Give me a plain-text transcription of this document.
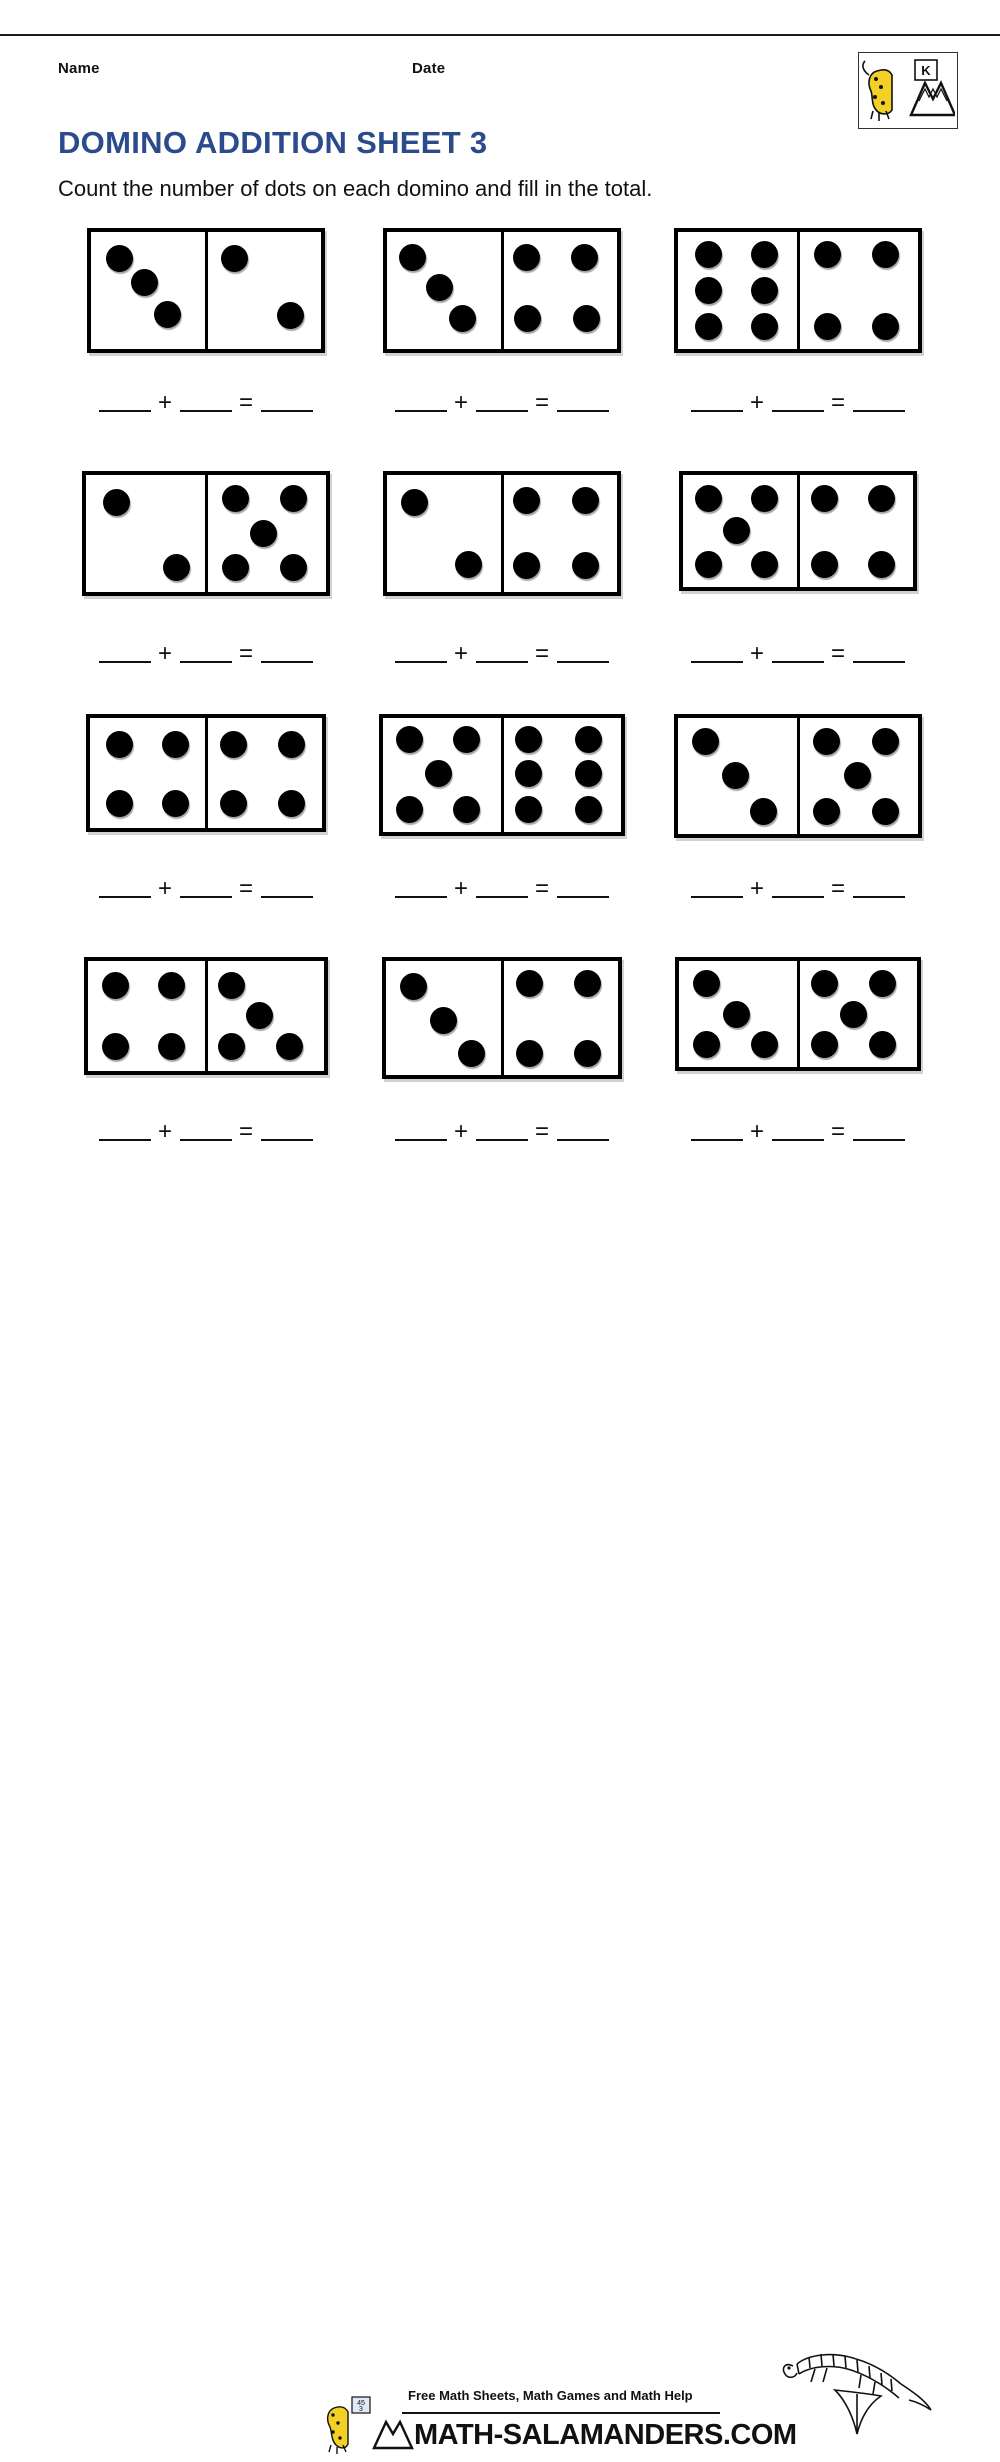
Name	Date	K
DOMINO ADDITION SHEET 3
Count the number of dots on each domino and fill in the total.
+	=	+	=	+	=
+	=	+	=	+	=
+	=	+	=	+	=
+	=	+	=	+	=
45
3
Free Math Sheets, Math Games and Math Help
MATH-SALAMANDERS.COM
